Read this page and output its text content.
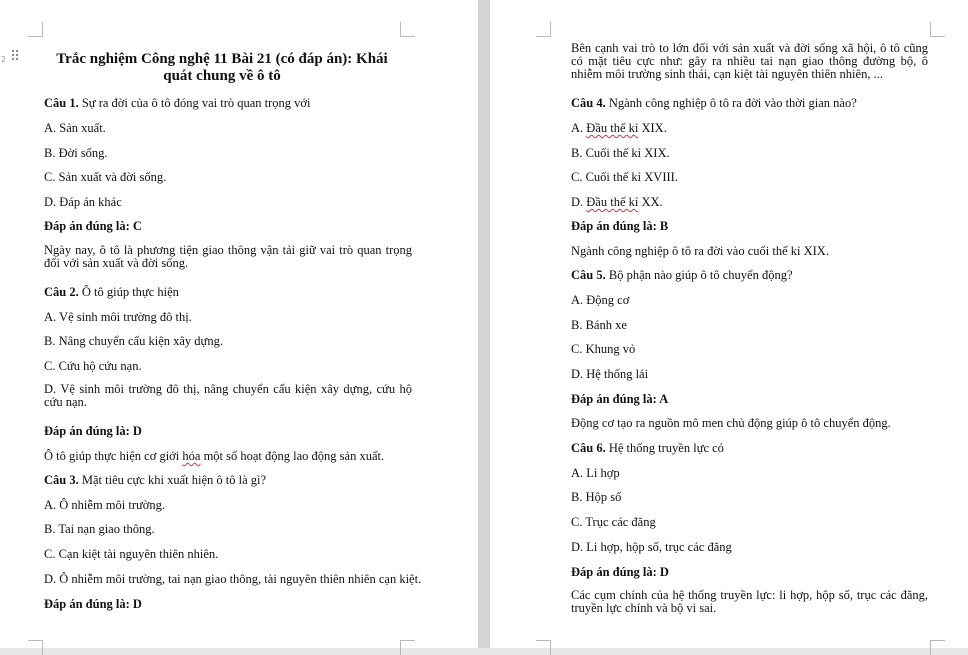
2 ⠿	Trắc nghiệm Công nghệ 11 Bài 21 (có đáp án): Khái quát chung về ô tô
Câu 1. Sự ra đời của ô tô đóng vai trò quan trọng với
A. Sản xuất.
B. Đời sống.
C. Sản xuất và đời sống.
D. Đáp án khác
Đáp án đúng là: C
Ngày nay, ô tô là phương tiện giao thông vận tải giữ vai trò quan trọng đối với sản xuất và đời sống.
Câu 2. Ô tô giúp thực hiện
A. Vệ sinh môi trường đô thị.
B. Nâng chuyển cấu kiện xây dựng.
C. Cứu hộ cứu nạn.
D. Vệ sinh môi trường đô thị, nâng chuyển cấu kiện xây dựng, cứu hộ cứu nạn.
Đáp án đúng là: D
Ô tô giúp thực hiện cơ giới hóa một số hoạt động lao động sản xuất.
Câu 3. Mặt tiêu cực khi xuất hiện ô tô là gì?
A. Ô nhiễm môi trường.
B. Tai nạn giao thông.
C. Cạn kiệt tài nguyên thiên nhiên.
D. Ô nhiễm môi trường, tai nạn giao thông, tài nguyên thiên nhiên cạn kiệt.
Đáp án đúng là: D
Bên cạnh vai trò to lớn đối với sản xuất và đời sống xã hội, ô tô cũng có mặt tiêu cực như: gây ra nhiều tai nạn giao thông đường bộ, ô nhiễm môi trường sinh thái, cạn kiệt tài nguyên thiên nhiên, ...
Câu 4. Ngành công nghiệp ô tô ra đời vào thời gian nào?
A. Đầu thế kỉ XIX.
B. Cuối thế kỉ XIX.
C. Cuối thế kỉ XVIII.
D. Đầu thế kỉ XX.
Đáp án đúng là: B
Ngành công nghiệp ô tô ra đời vào cuối thế kỉ XIX.
Câu 5. Bộ phận nào giúp ô tô chuyển động?
A. Động cơ
B. Bánh xe
C. Khung vỏ
D. Hệ thống lái
Đáp án đúng là: A
Động cơ tạo ra nguồn mô men chủ động giúp ô tô chuyển động.
Câu 6. Hệ thống truyền lực có
A. Li hợp
B. Hộp số
C. Trục các đăng
D. Li hợp, hộp số, trục các đăng
Đáp án đúng là: D
Các cụm chính của hệ thống truyền lực: li hợp, hộp số, trục các đăng, truyền lực chính và bộ vi sai.
